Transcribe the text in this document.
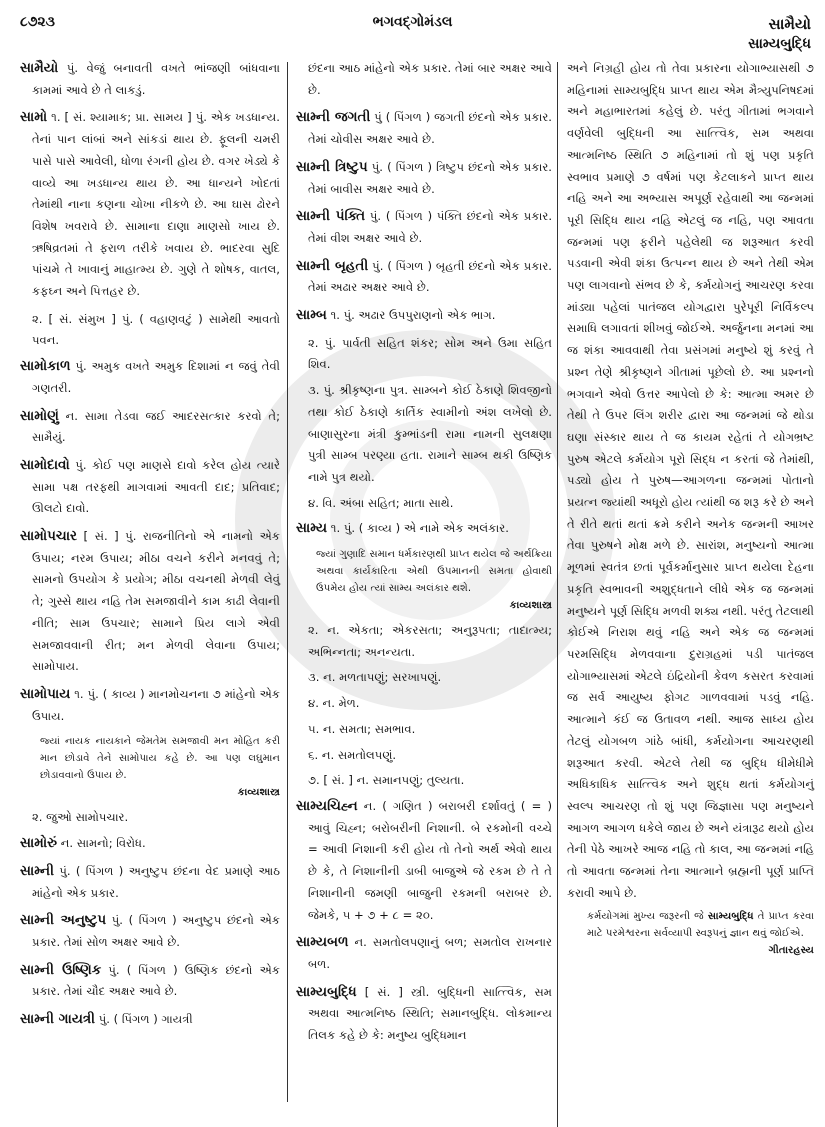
૮૭૨૩	ભગવદ્ગોમંડલ	સામૈયો
સામ્યબુદ્ધિ

સામૈયો પું. વેજું બનાવતી વખતે ભાંજણી બાંધવાના કામમાં આવે છે તે લાકડું.

સામો ૧. [ સં. શ્યામાક; પ્રા. સામય ] પું. એક ખડધાન્ય. તેનાં પાન લાંબાં અને સાંકડાં થાય છે. ફૂલની ચમરી પાસે પાસે આવેલી, ધોળા રંગની હોય છે. વગર ખેડ્યે કે વાવ્યે આ ખડધાન્ય થાય છે. આ ધાન્યને ખોદતાં તેમાંથી નાના કણના ચોખા નીકળે છે. આ ઘાસ ઢોરને વિશેષ ખવરાવે છે. સામાના દાણા માણસો ખાય છે. ઋષિવ્રતમાં તે ફરાળ તરીકે ખવાય છે. ભાદરવા સુદિ પાંચમે તે ખાવાનું માહાત્મ્ય છે. ગુણે તે શોષક, વાતલ, કફઘ્ન અને પિત્તહર છે.

૨. [ સં. સંમુખ ] પું. ( વહાણવટું ) સામેથી આવતો પવન.

સામોકાળ પું. અમુક વખતે અમુક દિશામાં ન જવું તેવી ગણતરી.

સામોણું ન. સામા તેડવા જઈ આદરસત્કાર કરવો તે; સામૈયું.

સામોદાવો પું. કોઈ પણ માણસે દાવો કરેલ હોય ત્યારે સામા પક્ષ તરફથી માગવામાં આવતી દાદ; પ્રતિવાદ; ઊલટો દાવો.

સામોપચાર [ સં. ] પું. રાજનીતિનો એ નામનો એક ઉપાય; નરમ ઉપાય; મીઠા વચને કરીને મનવવું તે; સામનો ઉપયોગ કે પ્રયોગ; મીઠા વચનથી મેળવી લેવું તે; ગુસ્સે થાય નહિ તેમ સમજાવીને કામ કાઢી લેવાની નીતિ; સામ ઉપચાર; સામાને પ્રિય લાગે એવી સમજાવવાની રીત; મન મેળવી લેવાના ઉપાય; સામોપાય.

સામોપાય ૧. પું. ( કાવ્ય ) માનમોચનના ૭ માંહેનો એક ઉપાય.

જ્યાં નાયક નાયકાને જેમતેમ સમજાવી મન મોહિત કરી માન છોડાવે તેને સામોપાય કહે છે. આ પણ લઘુમાન છોડાવવાનો ઉપાય છે.
કાવ્યશાસ્ત્ર

૨. જુઓ સામોપચાર.

સામોરું ન. સામનો; વિરોધ.

સામ્ની પું. ( પિંગળ ) અનુષ્ટુપ છંદના વેદ પ્રમાણે આઠ માંહેનો એક પ્રકાર.

સામ્ની અનુષ્ટુપ પું. ( પિંગળ ) અનુષ્ટુપ છંદનો એક પ્રકાર. તેમાં સોળ અક્ષર આવે છે.

સામ્ની ઉષ્ણિક પું. ( પિંગળ ) ઉષ્ણિક છંદનો એક પ્રકાર. તેમાં ચૌદ અક્ષર આવે છે.

સામ્ની ગાયત્રી પું. ( પિંગળ ) ગાયત્રી

છંદના આઠ માંહેનો એક પ્રકાર. તેમાં બાર અક્ષર આવે છે.

સામ્ની જગતી પું ( પિંગળ ) જગતી છંદનો એક પ્રકાર. તેમાં ચોવીસ અક્ષર આવે છે.

સામ્ની ત્રિષ્ટુપ પું. ( પિંગળ ) ત્રિષ્ટુપ છંદનો એક પ્રકાર. તેમાં બાવીસ અક્ષર આવે છે.

સામ્ની પંક્તિ પું. ( પિંગળ ) પંક્તિ છંદનો એક પ્રકાર. તેમાં વીશ અક્ષર આવે છે.

સામ્ની બૃહતી પું. ( પિંગળ ) બૃહતી છંદનો એક પ્રકાર. તેમાં અઢાર અક્ષર આવે છે.

સામ્બ ૧. પું. અઢાર ઉપપુરાણનો એક ભાગ.

૨. પું. પાર્વતી સહિત શંકર; સોમ અને ઉમા સહિત શિવ.

૩. પું. શ્રીકૃષ્ણના પુત્ર. સામ્બને કોઈ ઠેકાણે શિવજીનો તથા કોઈ ઠેકાણે કાર્તિક સ્વામીનો અંશ લખેલો છે. બાણાસુરના મંત્રી કુમ્ભાંડની રામા નામની સુલક્ષણા પુત્રી સામ્બ પરણ્યા હતા. રામાને સામ્બ થકી ઉષ્ણિક નામે પુત્ર થયો.

૪. વિ. અંબા સહિત; માતા સાથે.

સામ્ય ૧. પું. ( કાવ્ય ) એ નામે એક અલંકાર.

જ્યાં ગુણાદિ સમાન ધર્મકારણથી પ્રાપ્ત થયેલ જે અર્થક્રિયા અથવા કાર્યકારિતા એથી ઉપમાનની સમતા હોવાથી ઉપમેય હોય ત્યાં સામ્ય અલંકાર થશે.
કાવ્યશાસ્ત્ર

૨. ન. એકતા; એકરસતા; અનુરૂપતા; તાદાત્મ્ય; અભિન્નતા; અનન્યતા.

૩. ન. મળતાપણું; સરખાપણું.

૪. ન. મેળ.

૫. ન. સમતા; સમભાવ.

૬. ન. સમતોલપણું.

૭. [ સં. ] ન. સમાનપણું; તુલ્યતા.

સામ્યચિહ્ન ન. ( ગણિત ) બરાબરી દર્શાવતું ( = ) આવું ચિહ્ન; બરોબરીની નિશાની. બે રકમોની વચ્ચે = આવી નિશાની કરી હોય તો તેનો અર્થ એવો થાય છે કે, તે નિશાનીની ડાબી બાજુએ જે રકમ છે તે તે નિશાનીની જમણી બાજુની રકમની બરાબર છે. જેમકે, ૫ + ૭ + ૮ = ૨૦.

સામ્યબળ ન. સમતોલપણાનું બળ; સમતોલ રાખનાર બળ.

સામ્યબુદ્ધિ [ સં. ] સ્ત્રી. બુદ્ધિની સાત્ત્વિક, સમ અથવા આત્મનિષ્ઠ સ્થિતિ; સમાનબુદ્ધિ. લોકમાન્ય તિલક કહે છે કે: મનુષ્ય બુદ્ધિમાન

અને નિગ્રહી હોય તો તેવા પ્રકારના યોગાભ્યાસથી ૭ મહિનામાં સામ્યબુદ્ધિ પ્રાપ્ત થાય એમ મૈત્ર્યુપનિષદમાં અને મહાભારતમાં કહેલું છે. પરંતુ ગીતામાં ભગવાને વર્ણવેલી બુદ્ધિની આ સાત્ત્વિક, સમ અથવા આત્મનિષ્ઠ સ્થિતિ ૭ મહિનામાં તો શું પણ પ્રકૃતિ સ્વભાવ પ્રમાણે ૭ વર્ષમાં પણ કેટલાકને પ્રાપ્ત થાય નહિ અને આ અભ્યાસ અપૂર્ણ રહેવાથી આ જન્મમાં પૂરી સિદ્ધિ થાય નહિ એટલું જ નહિ, પણ આવતા જન્મમાં પણ ફરીને પહેલેથી જ શરૂઆત કરવી પડવાની એવી શંકા ઉત્પન્ન થાય છે અને તેથી એમ પણ લાગવાનો સંભવ છે કે, કર્મયોગનું આચરણ કરવા માંડ્યા પહેલાં પાતંજલ યોગદ્વારા પુરેપૂરી નિર્વિકલ્પ સમાધિ લગાવતાં શીખવું જોઈએ. અર્જુનના મનમાં આ જ શંકા આવવાથી તેવા પ્રસંગમાં મનુષ્યે શું કરવું તે પ્રશ્ન તેણે શ્રીકૃષ્ણને ગીતામાં પૂછેલો છે. આ પ્રશ્નનો ભગવાને એવો ઉત્તર આપેલો છે કે: આત્મા અમર છે તેથી તે ઉપર લિંગ શરીર દ્વારા આ જન્મમાં જે થોડા ઘણા સંસ્કાર થાય તે જ કાયમ રહેતાં તે યોગભ્રષ્ટ પુરુષ એટલે કર્મયોગ પૂરો સિદ્ધ ન કરતાં જે તેમાંથી, પડ્યો હોય તે પુરુષ—આગળના જન્મમાં પોતાનો પ્રયત્ન જ્યાંથી અધૂરો હોય ત્યાંથી જ શરૂ કરે છે અને તે રીતે થતાં થતાં ક્રમે કરીને અનેક જન્મની આખર તેવા પુરુષને મોક્ષ મળે છે. સારાંશ, મનુષ્યનો આત્મા મૂળમાં સ્વતંત્ર છતાં પૂર્વકર્માનુસાર પ્રાપ્ત થયેલા દેહના પ્રકૃતિ સ્વભાવની અશુદ્ધતાને લીધે એક જ જન્મમાં મનુષ્યને પૂર્ણ સિદ્ધિ મળવી શક્ય નથી. પરંતુ તેટલાથી કોઈએ નિરાશ થવું નહિ અને એક જ જન્મમાં પરમસિદ્ધિ મેળવવાના દુરાગ્રહમાં પડી પાતંજલ યોગાભ્યાસમાં એટલે ઇંદ્રિયોની કેવળ કસરત કરવામાં જ સર્વ આયુષ્ય ફોગટ ગાળવવામાં પડવું નહિ. આત્માને કંઈ જ ઉતાવળ નથી. આજ સાધ્ય હોય તેટલું યોગબળ ગાંઠે બાંધી, કર્મયોગના આચરણથી શરૂઆત કરવી. એટલે તેથી જ બુદ્ધિ ધીમેધીમે અધિકાધિક સાત્ત્વિક અને શુદ્ધ થતાં કર્મયોગનું સ્વલ્પ આચરણ તો શું પણ જિજ્ઞાસા પણ મનુષ્યને આગળ આગળ ધકેલે જાય છે અને યંત્રારૂઢ થયો હોય તેની પેઠે આખરે આજ નહિ તો કાલ, આ જન્મમાં નહિ તો આવતા જન્મમાં તેના આત્માને બ્રહ્મની પૂર્ણ પ્રાપ્તિ કરાવી આપે છે.

કર્મયોગમાં મુખ્ય જરૂરની જે સામ્યબુદ્ધિ તે પ્રાપ્ત કરવા માટે પરમેશ્વરના સર્વવ્યાપી સ્વરૂપનું જ્ઞાન થવું જોઈએ.
ગીતારહસ્ય
